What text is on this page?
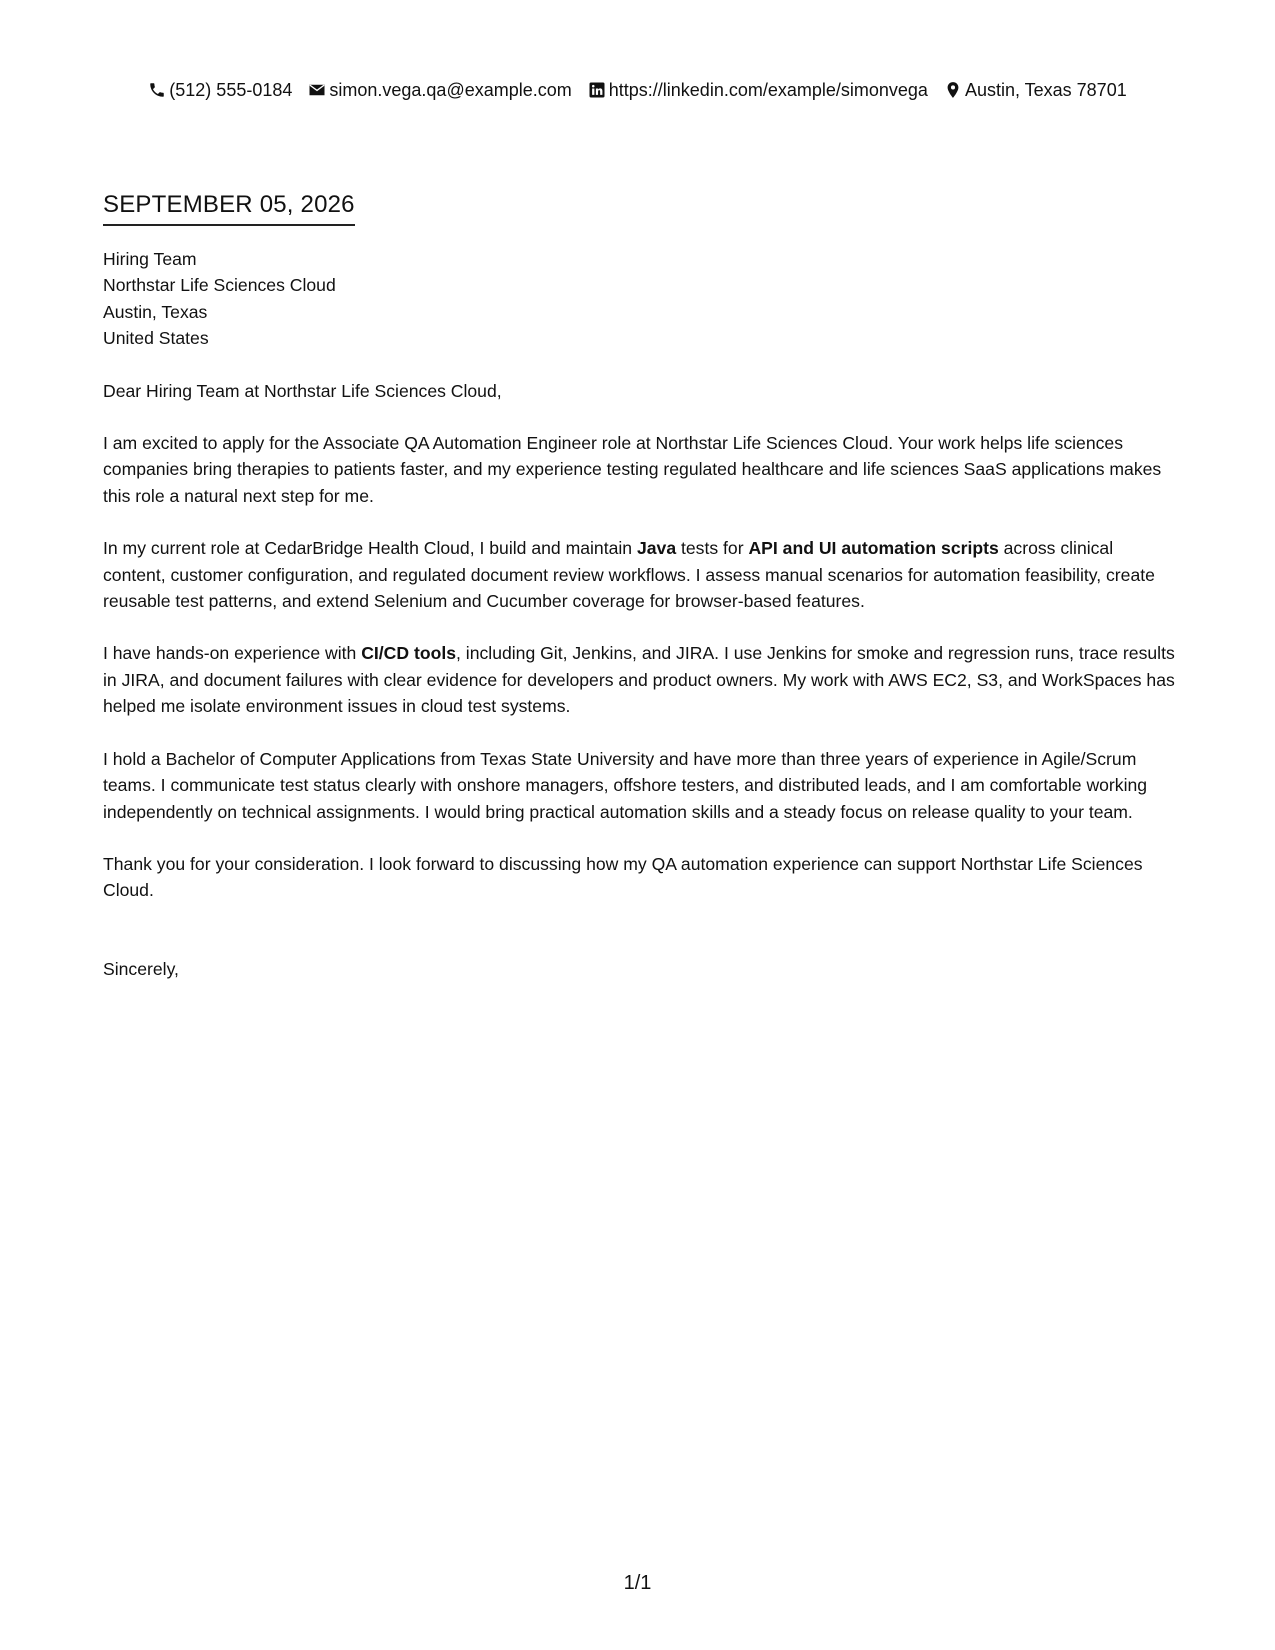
(512) 555-0184 simon.vega.qa@example.com https://linkedin.com/example/simonvega Austin, Texas 78701
SEPTEMBER 05, 2026
Hiring Team
Northstar Life Sciences Cloud
Austin, Texas
United States

Dear Hiring Team at Northstar Life Sciences Cloud,

I am excited to apply for the Associate QA Automation Engineer role at Northstar Life Sciences Cloud. Your work helps life sciences companies bring therapies to patients faster, and my experience testing regulated healthcare and life sciences SaaS applications makes this role a natural next step for me.

In my current role at CedarBridge Health Cloud, I build and maintain Java tests for API and UI automation scripts across clinical content, customer configuration, and regulated document review workflows. I assess manual scenarios for automation feasibility, create reusable test patterns, and extend Selenium and Cucumber coverage for browser-based features.

I have hands-on experience with CI/CD tools, including Git, Jenkins, and JIRA. I use Jenkins for smoke and regression runs, trace results in JIRA, and document failures with clear evidence for developers and product owners. My work with AWS EC2, S3, and WorkSpaces has helped me isolate environment issues in cloud test systems.

I hold a Bachelor of Computer Applications from Texas State University and have more than three years of experience in Agile/Scrum teams. I communicate test status clearly with onshore managers, offshore testers, and distributed leads, and I am comfortable working independently on technical assignments. I would bring practical automation skills and a steady focus on release quality to your team.

Thank you for your consideration. I look forward to discussing how my QA automation experience can support Northstar Life Sciences Cloud.

Sincerely,

1/1
